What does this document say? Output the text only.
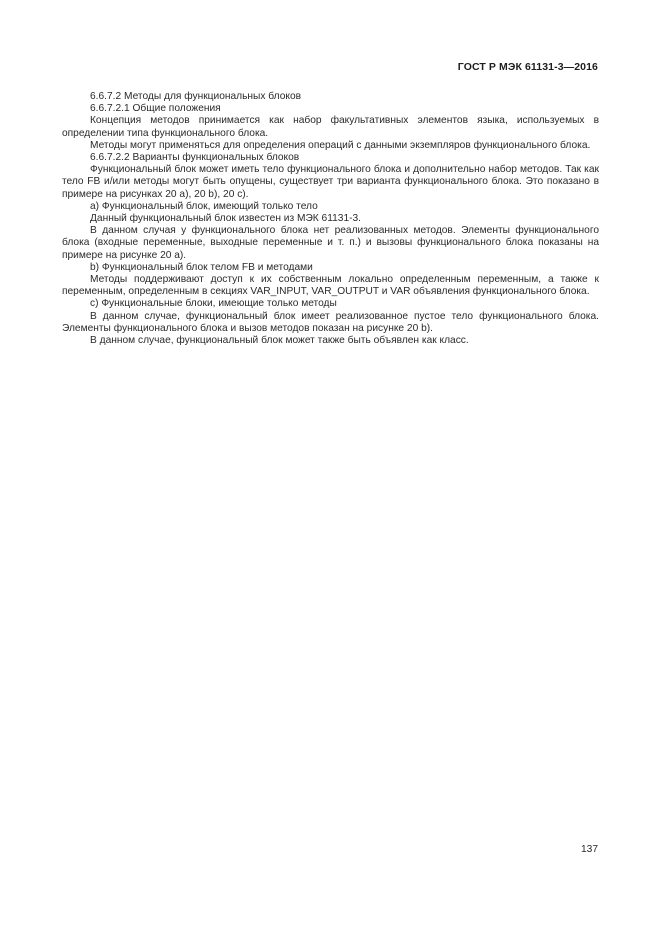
ГОСТ Р МЭК 61131-3—2016

6.6.7.2 Методы для функциональных блоков

6.6.7.2.1 Общие положения

Концепция методов принимается как набор факультативных элементов языка, используемых в определении типа функционального блока.

Методы могут применяться для определения операций с данными экземпляров функционального блока.

6.6.7.2.2 Варианты функциональных блоков

Функциональный блок может иметь тело функционального блока и дополнительно набор методов. Так как тело FB и/или методы могут быть опущены, существует три варианта функционального блока. Это показано в примере на рисунках 20 а), 20 b), 20 с).

а) Функциональный блок, имеющий только тело

Данный функциональный блок известен из МЭК 61131-3.

В данном случая у функционального блока нет реализованных методов. Элементы функционального блока (входные переменные, выходные переменные и т. п.) и вызовы функционального блока показаны на примере на рисунке 20 а).

b) Функциональный блок телом FB и методами

Методы поддерживают доступ к их собственным локально определенным переменным, а также к переменным, определенным в секциях VAR_INPUT, VAR_OUTPUT и VAR объявления функционального блока.

с) Функциональные блоки, имеющие только методы

В данном случае, функциональный блок имеет реализованное пустое тело функционального блока. Элементы функционального блока и вызов методов показан на рисунке 20 b).

В данном случае, функциональный блок может также быть объявлен как класс.

137
